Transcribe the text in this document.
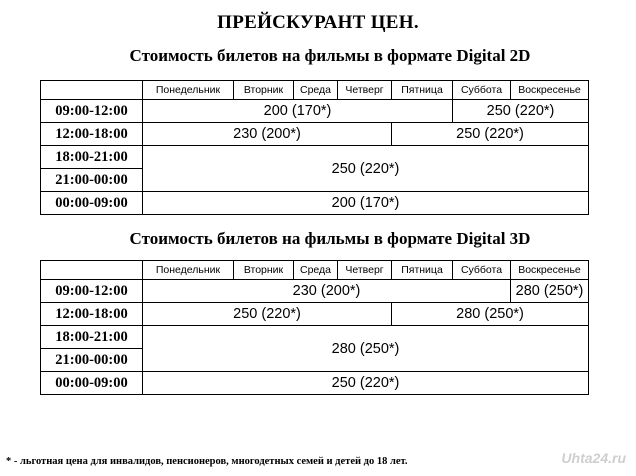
ПРЕЙСКУРАНТ ЦЕН.
Стоимость билетов на фильмы в формате Digital 2D
	Понедельник	Вторник	Среда	Четверг	Пятница	Суббота	Воскресенье
09:00-12:00	200 (170*)					250 (220*)	
12:00-18:00	230 (200*)				250 (220*)		
18:00-21:00	250 (220*)						
21:00-00:00							
00:00-09:00	200 (170*)						
Стоимость билетов на фильмы в формате Digital 3D
	Понедельник	Вторник	Среда	Четверг	Пятница	Суббота	Воскресенье
09:00-12:00	230 (200*)						280 (250*)
12:00-18:00	250 (220*)				280 (250*)		
18:00-21:00	280 (250*)						
21:00-00:00							
00:00-09:00	250 (220*)						
* - льготная цена для инвалидов, пенсионеров, многодетных семей и детей до 18 лет.	Uhta24.ru
